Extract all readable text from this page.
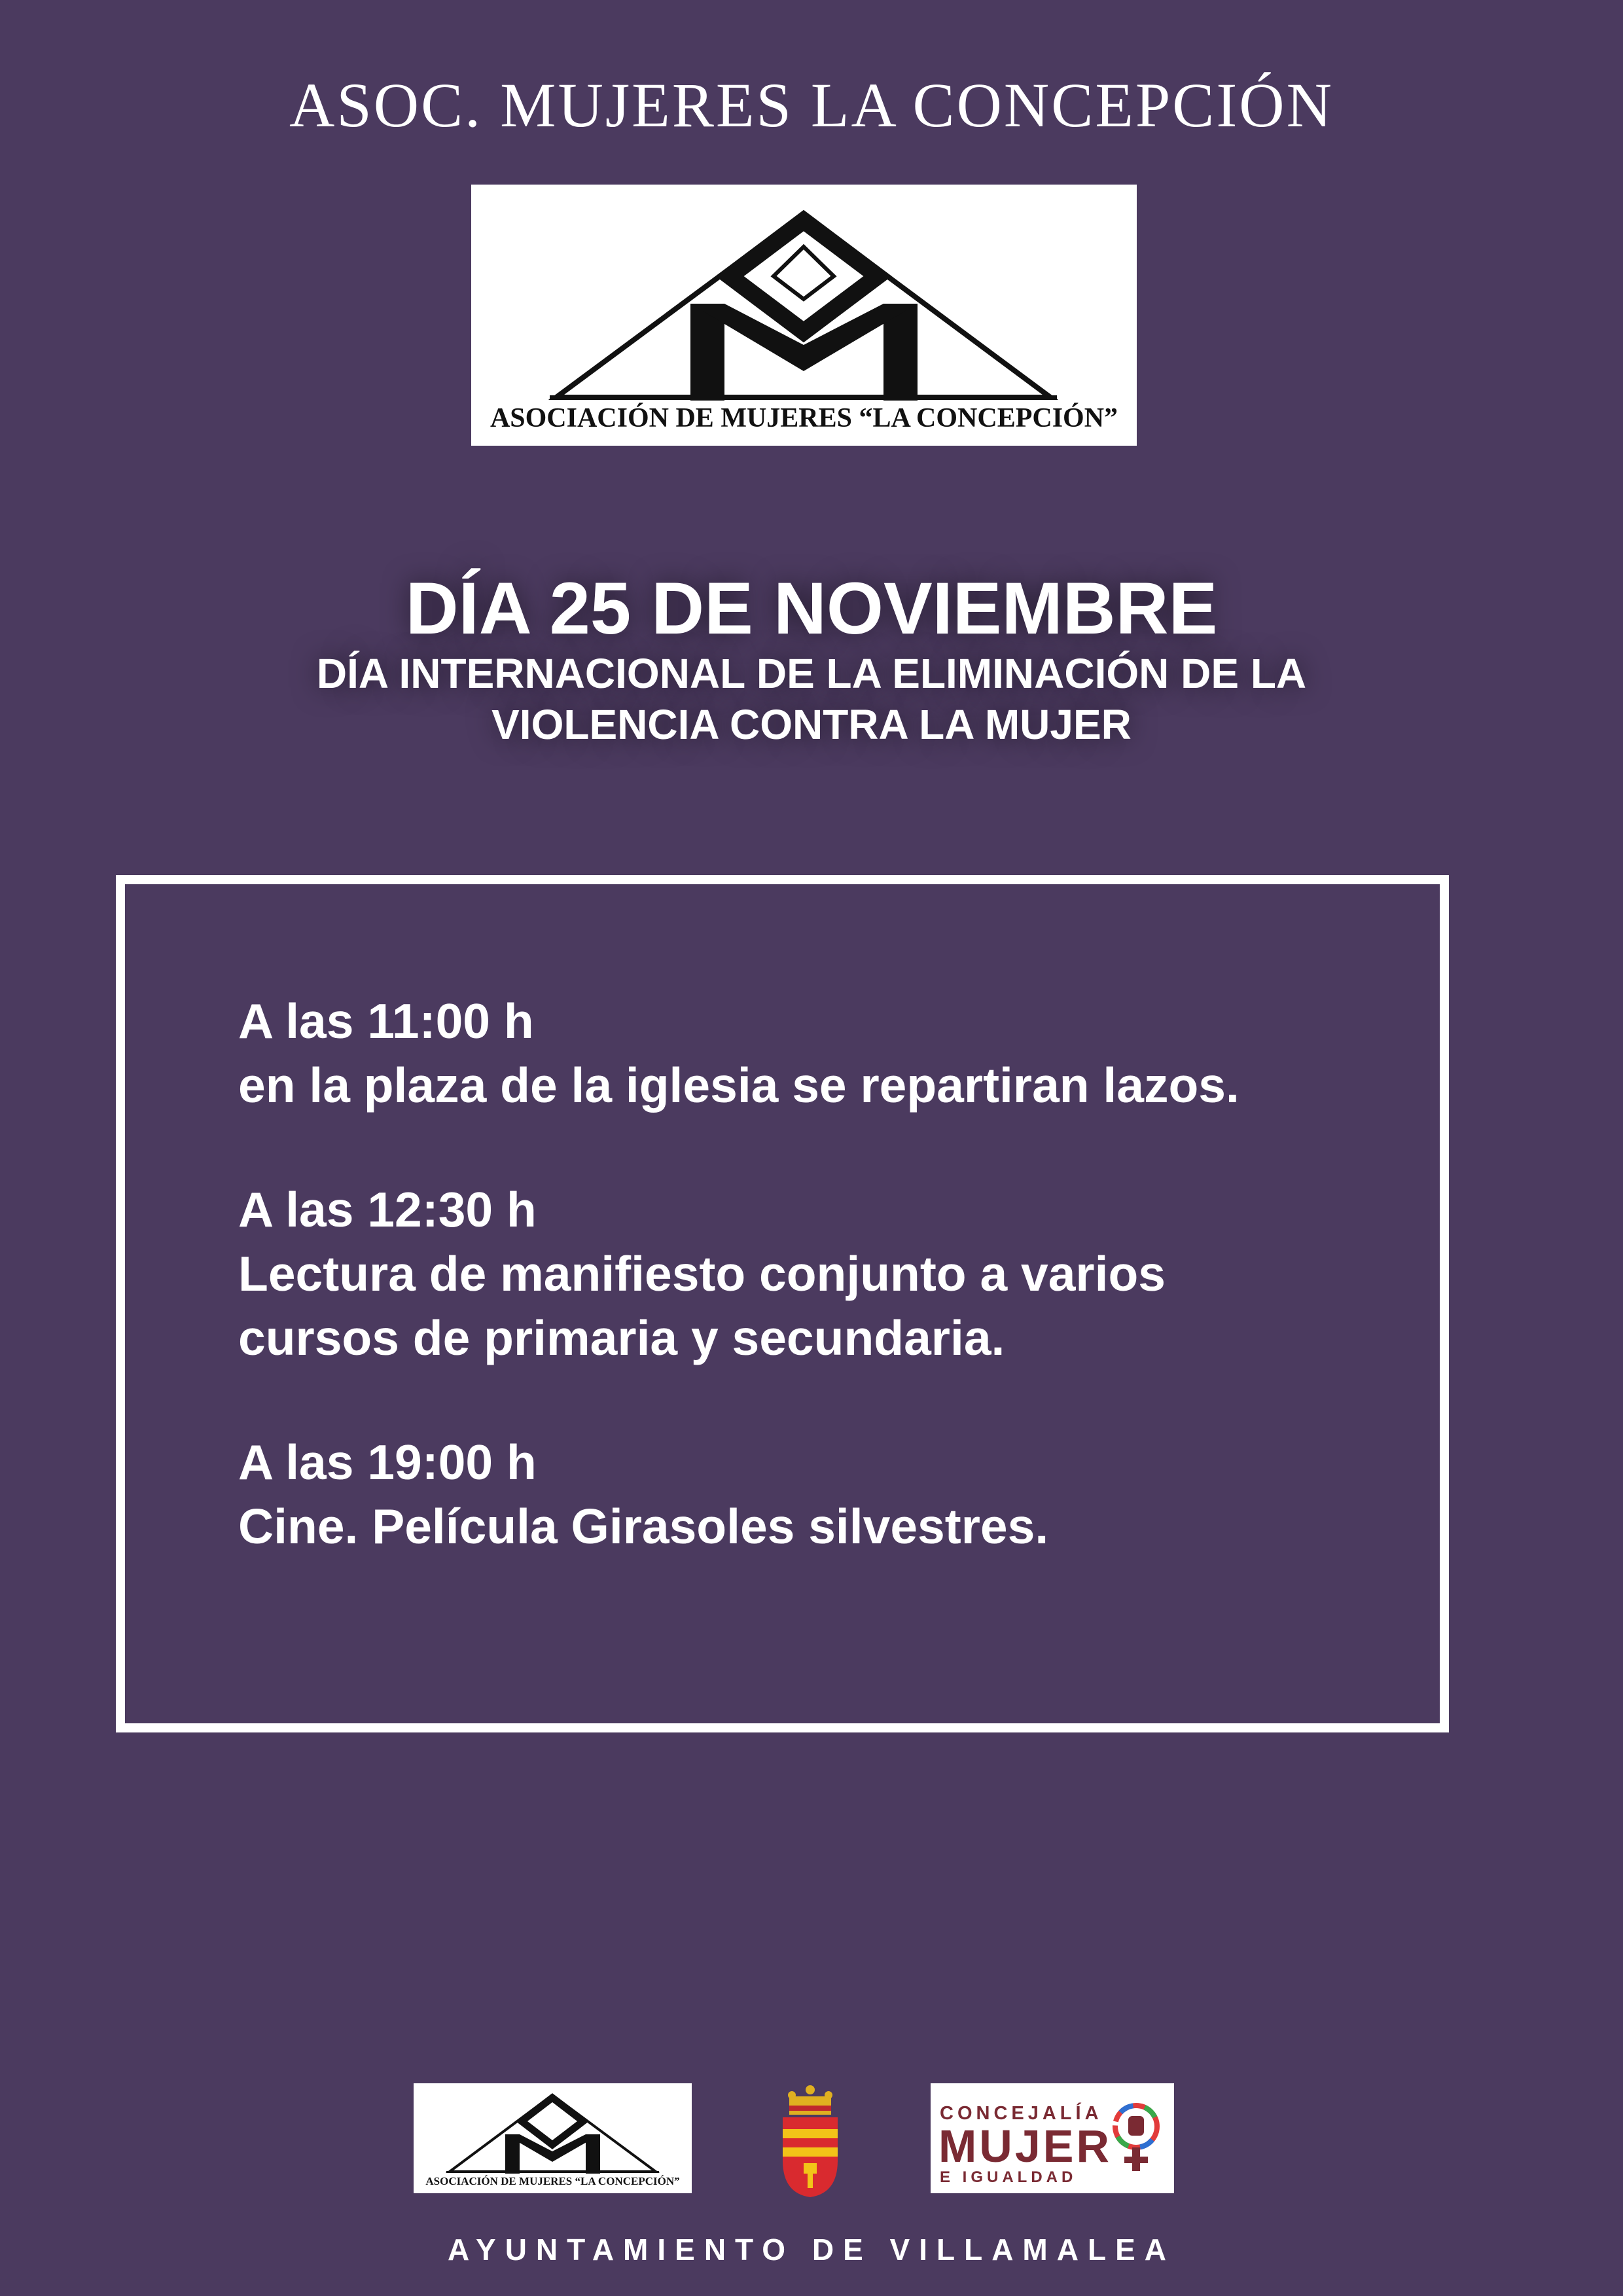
ASOC. MUJERES LA CONCEPCIÓN
ASOCIACIÓN DE MUJERES “LA CONCEPCIÓN”
DÍA 25 DE NOVIEMBRE
DÍA INTERNACIONAL DE LA ELIMINACIÓN DE LA
VIOLENCIA CONTRA LA MUJER
A las 11:00 h
en la plaza de la iglesia se repartiran lazos.
A las 12:30 h
Lectura de manifiesto conjunto a varios
cursos de primaria y secundaria.
A las 19:00 h
Cine. Película Girasoles silvestres.
ASOCIACIÓN DE MUJERES “LA CONCEPCIÓN”
CONCEJALÍA
MUJER
E IGUALDAD
AYUNTAMIENTO DE VILLAMALEA
